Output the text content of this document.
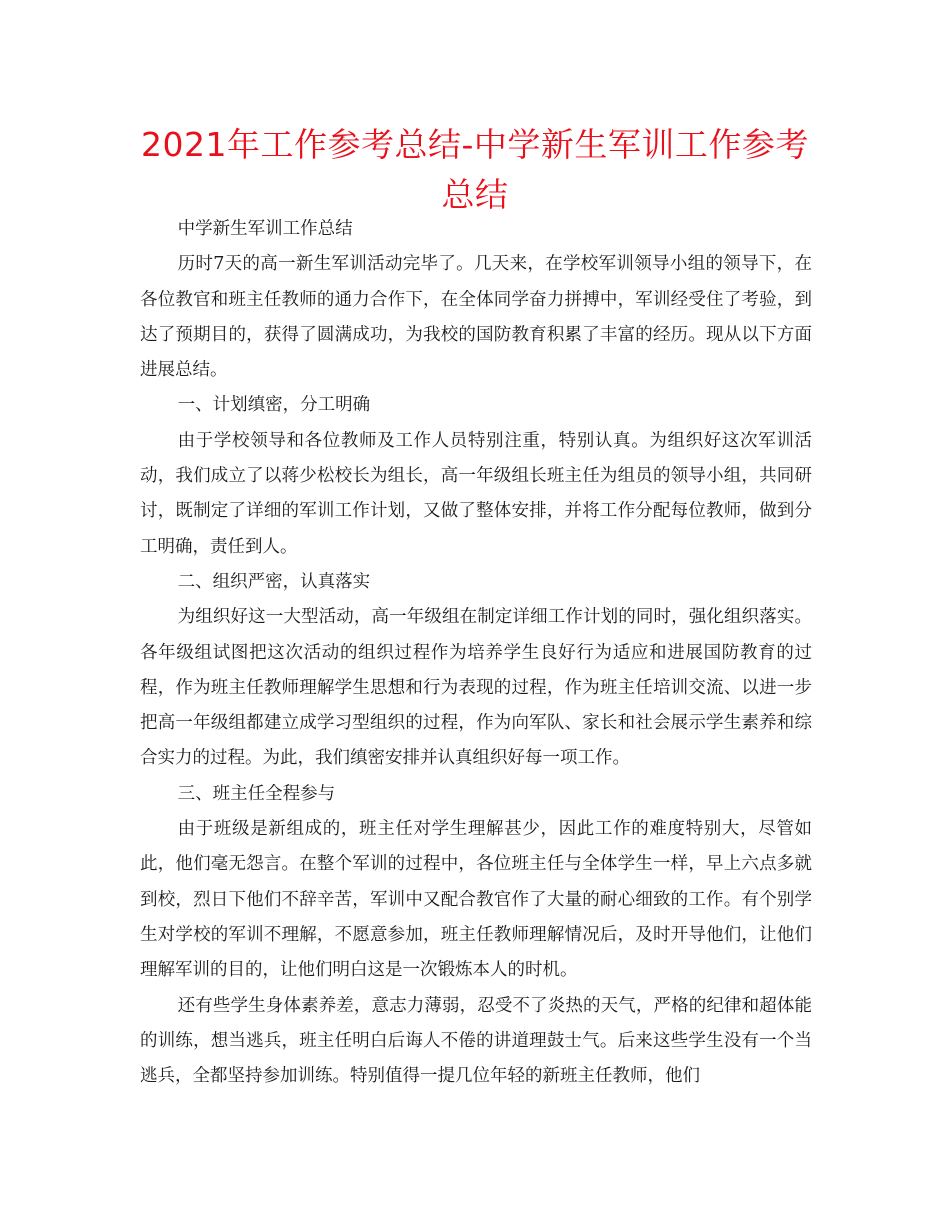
2021年工作参考总结-中学新生军训工作参考总结

中学新生军训工作总结

历时7天的高一新生军训活动完毕了。几天来，在学校军训领导小组的领导下，在各位教官和班主任教师的通力合作下，在全体同学奋力拼搏中，军训经受住了考验，到达了预期目的，获得了圆满成功，为我校的国防教育积累了丰富的经历。现从以下方面进展总结。

一、计划缜密，分工明确

由于学校领导和各位教师及工作人员特别注重，特别认真。为组织好这次军训活动，我们成立了以蒋少松校长为组长，高一年级组长班主任为组员的领导小组，共同研讨，既制定了详细的军训工作计划，又做了整体安排，并将工作分配每位教师，做到分工明确，责任到人。

二、组织严密，认真落实

为组织好这一大型活动，高一年级组在制定详细工作计划的同时，强化组织落实。各年级组试图把这次活动的组织过程作为培养学生良好行为适应和进展国防教育的过程，作为班主任教师理解学生思想和行为表现的过程，作为班主任培训交流、以进一步把高一年级组都建立成学习型组织的过程，作为向军队、家长和社会展示学生素养和综合实力的过程。为此，我们缜密安排并认真组织好每一项工作。

三、班主任全程参与

由于班级是新组成的，班主任对学生理解甚少，因此工作的难度特别大，尽管如此，他们毫无怨言。在整个军训的过程中，各位班主任与全体学生一样，早上六点多就到校，烈日下他们不辞辛苦，军训中又配合教官作了大量的耐心细致的工作。有个别学生对学校的军训不理解，不愿意参加，班主任教师理解情况后，及时开导他们，让他们理解军训的目的，让他们明白这是一次锻炼本人的时机。

还有些学生身体素养差，意志力薄弱，忍受不了炎热的天气，严格的纪律和超体能的训练，想当逃兵，班主任明白后诲人不倦的讲道理鼓士气。后来这些学生没有一个当逃兵，全都坚持参加训练。特别值得一提几位年轻的新班主任教师，他们
